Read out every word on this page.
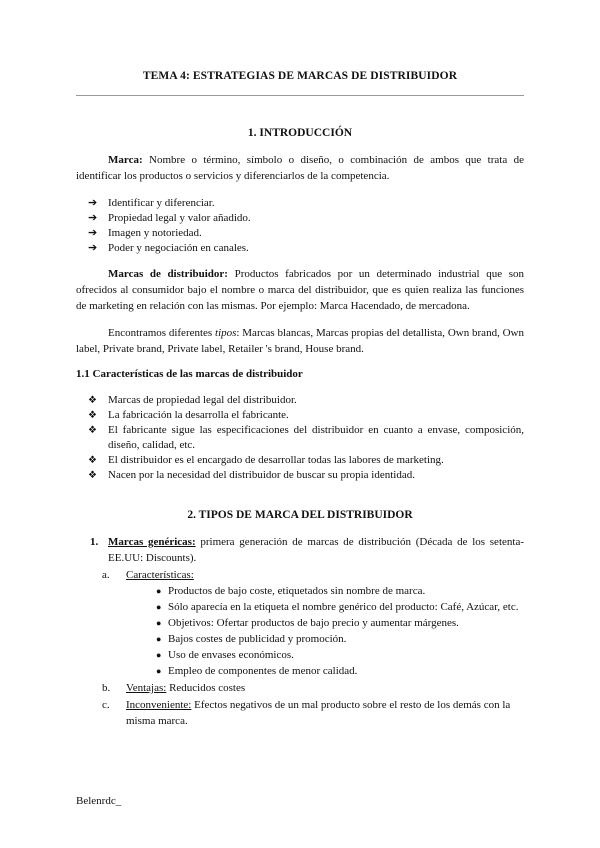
TEMA 4: ESTRATEGIAS DE MARCAS DE DISTRIBUIDOR
1. INTRODUCCIÓN
Marca: Nombre o término, símbolo o diseño, o combinación de ambos que trata de identificar los productos o servicios y diferenciarlos de la competencia.
➔ Identificar y diferenciar.
➔ Propiedad legal y valor añadido.
➔ Imagen y notoriedad.
➔ Poder y negociación en canales.
Marcas de distribuidor: Productos fabricados por un determinado industrial que son ofrecidos al consumidor bajo el nombre o marca del distribuidor, que es quien realiza las funciones de marketing en relación con las mismas. Por ejemplo: Marca Hacendado, de mercadona.
Encontramos diferentes tipos: Marcas blancas, Marcas propias del detallista, Own brand, Own label, Private brand, Private label, Retailer 's brand, House brand.
1.1 Características de las marcas de distribuidor
❖ Marcas de propiedad legal del distribuidor.
❖ La fabricación la desarrolla el fabricante.
❖ El fabricante sigue las especificaciones del distribuidor en cuanto a envase, composición, diseño, calidad, etc.
❖ El distribuidor es el encargado de desarrollar todas las labores de marketing.
❖ Nacen por la necesidad del distribuidor de buscar su propia identidad.
2. TIPOS DE MARCA DEL DISTRIBUIDOR
1. Marcas genéricas: primera generación de marcas de distribución (Década de los setenta-EE.UU: Discounts).
a. Características:
● Productos de bajo coste, etiquetados sin nombre de marca.
● Sólo aparecía en la etiqueta el nombre genérico del producto: Café, Azúcar, etc.
● Objetivos: Ofertar productos de bajo precio y aumentar márgenes.
● Bajos costes de publicidad y promoción.
● Uso de envases económicos.
● Empleo de componentes de menor calidad.
b. Ventajas: Reducidos costes
c. Inconveniente: Efectos negativos de un mal producto sobre el resto de los demás con la misma marca.
Belenrdc_
